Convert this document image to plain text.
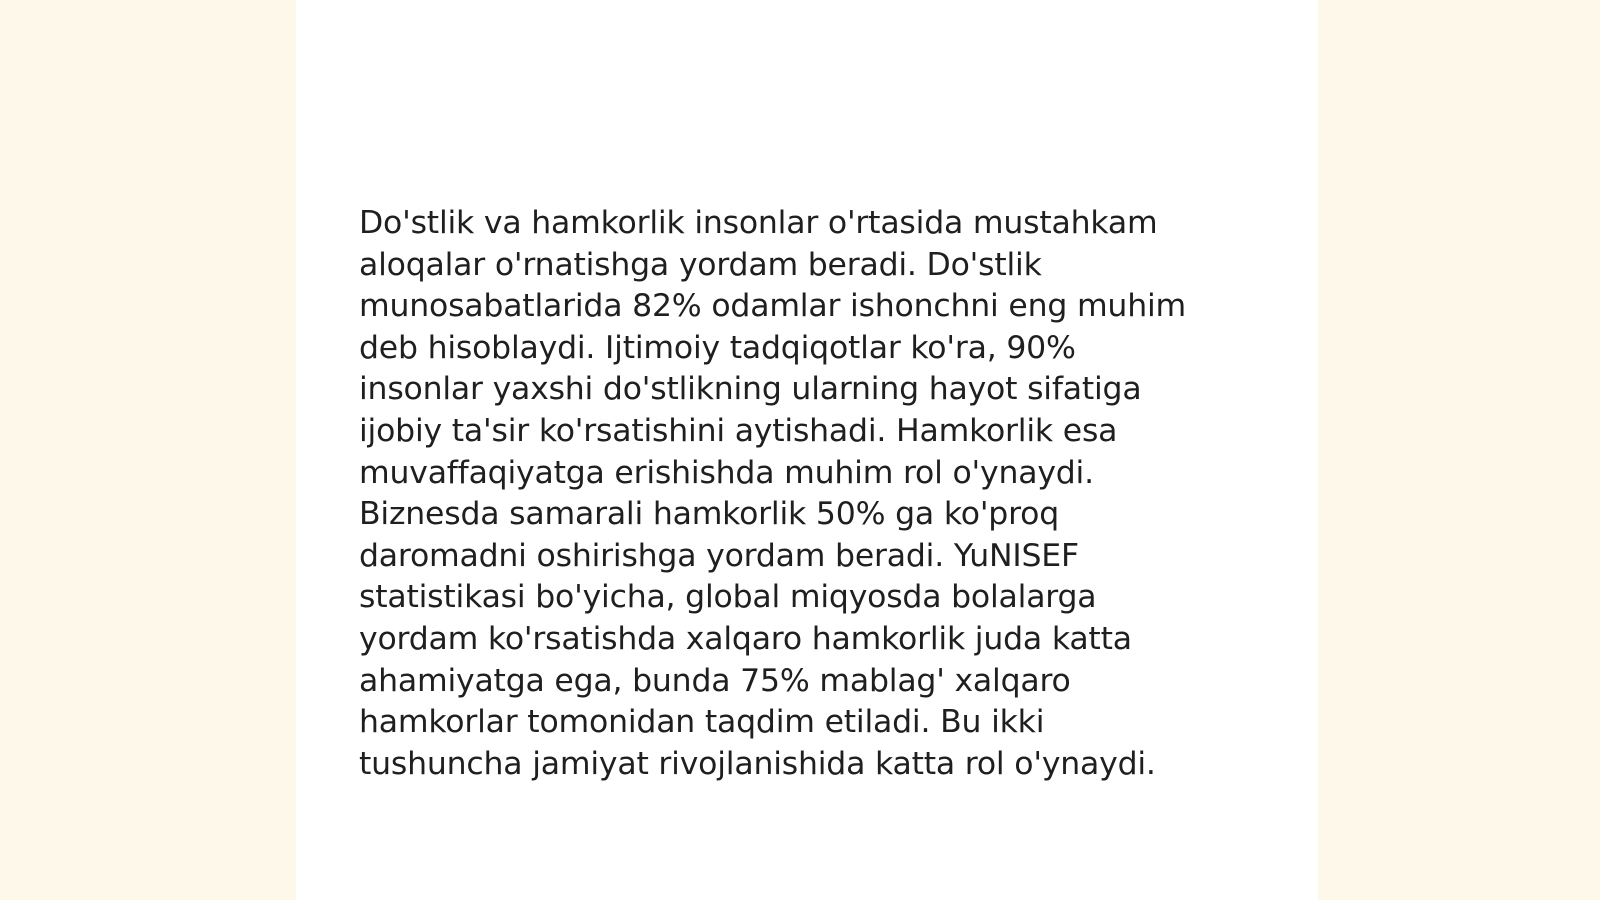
Do'stlik va hamkorlik insonlar o'rtasida mustahkam
aloqalar o'rnatishga yordam beradi. Do'stlik
munosabatlarida 82% odamlar ishonchni eng muhim
deb hisoblaydi. Ijtimoiy tadqiqotlar ko'ra, 90%
insonlar yaxshi do'stlikning ularning hayot sifatiga
ijobiy ta'sir ko'rsatishini aytishadi. Hamkorlik esa
muvaffaqiyatga erishishda muhim rol o'ynaydi.
Biznesda samarali hamkorlik 50% ga ko'proq
daromadni oshirishga yordam beradi. YuNISEF
statistikasi bo'yicha, global miqyosda bolalarga
yordam ko'rsatishda xalqaro hamkorlik juda katta
ahamiyatga ega, bunda 75% mablag' xalqaro
hamkorlar tomonidan taqdim etiladi. Bu ikki
tushuncha jamiyat rivojlanishida katta rol o'ynaydi.
